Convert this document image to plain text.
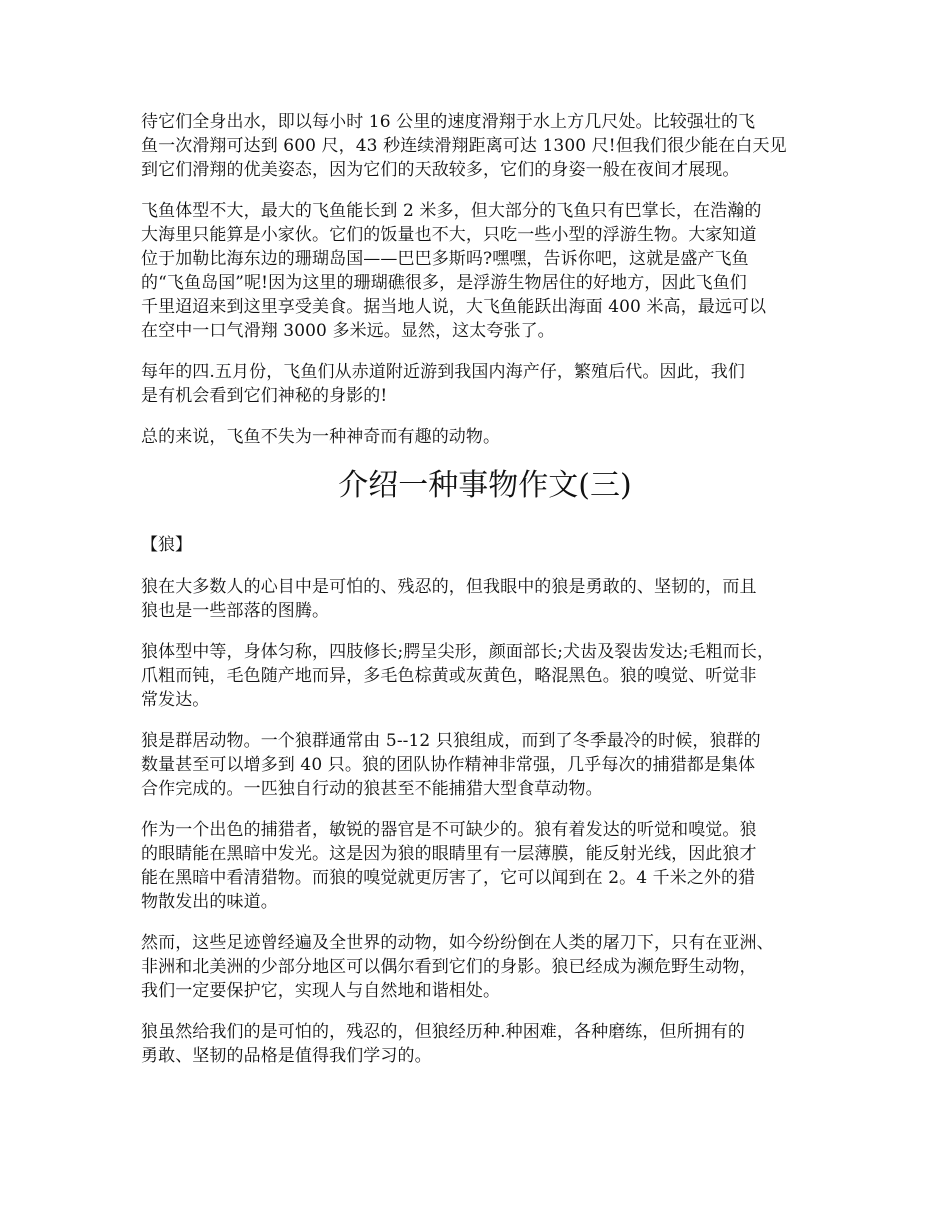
待它们全身出水，即以每小时 16 公里的速度滑翔于水上方几尺处。比较强壮的飞
鱼一次滑翔可达到 600 尺，43 秒连续滑翔距离可达 1300 尺!但我们很少能在白天见
到它们滑翔的优美姿态，因为它们的天敌较多，它们的身姿一般在夜间才展现。

飞鱼体型不大，最大的飞鱼能长到 2 米多，但大部分的飞鱼只有巴掌长，在浩瀚的
大海里只能算是小家伙。它们的饭量也不大，只吃一些小型的浮游生物。大家知道
位于加勒比海东边的珊瑚岛国——巴巴多斯吗?嘿嘿，告诉你吧，这就是盛产飞鱼
的“飞鱼岛国”呢!因为这里的珊瑚礁很多，是浮游生物居住的好地方，因此飞鱼们
千里迢迢来到这里享受美食。据当地人说，大飞鱼能跃出海面 400 米高，最远可以
在空中一口气滑翔 3000 多米远。显然，这太夸张了。

每年的四.五月份，飞鱼们从赤道附近游到我国内海产仔，繁殖后代。因此，我们
是有机会看到它们神秘的身影的!

总的来说，飞鱼不失为一种神奇而有趣的动物。

介绍一种事物作文(三)

【狼】

狼在大多数人的心目中是可怕的、残忍的，但我眼中的狼是勇敢的、坚韧的，而且
狼也是一些部落的图腾。

狼体型中等，身体匀称，四肢修长;腭呈尖形，颜面部长;犬齿及裂齿发达;毛粗而长，
爪粗而钝，毛色随产地而异，多毛色棕黄或灰黄色，略混黑色。狼的嗅觉、听觉非
常发达。

狼是群居动物。一个狼群通常由 5--12 只狼组成，而到了冬季最冷的时候，狼群的
数量甚至可以增多到 40 只。狼的团队协作精神非常强，几乎每次的捕猎都是集体
合作完成的。一匹独自行动的狼甚至不能捕猎大型食草动物。

作为一个出色的捕猎者，敏锐的器官是不可缺少的。狼有着发达的听觉和嗅觉。狼
的眼睛能在黑暗中发光。这是因为狼的眼睛里有一层薄膜，能反射光线，因此狼才
能在黑暗中看清猎物。而狼的嗅觉就更厉害了，它可以闻到在 2。4 千米之外的猎
物散发出的味道。

然而，这些足迹曾经遍及全世界的动物，如今纷纷倒在人类的屠刀下，只有在亚洲、
非洲和北美洲的少部分地区可以偶尔看到它们的身影。狼已经成为濒危野生动物，
我们一定要保护它，实现人与自然地和谐相处。

狼虽然给我们的是可怕的，残忍的，但狼经历种.种困难，各种磨练，但所拥有的
勇敢、坚韧的品格是值得我们学习的。
